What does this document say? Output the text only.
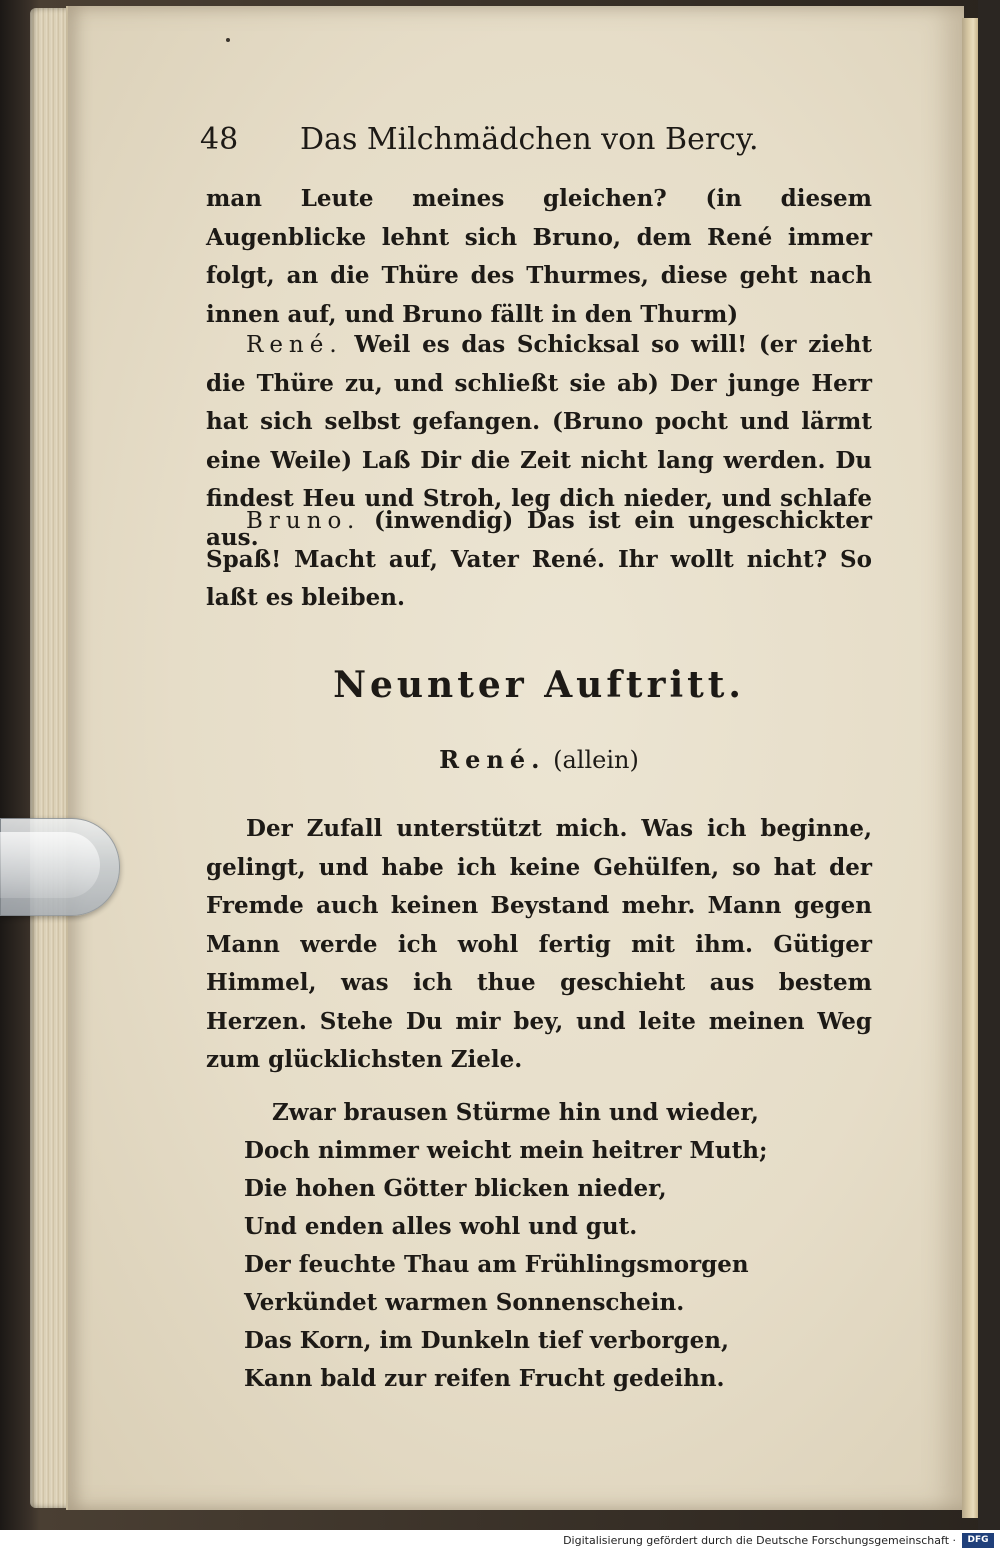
48 Das Milchmädchen von Bercy.

man Leute meines gleichen? (in diesem Augenblicke lehnt sich Bruno, dem René immer folgt, an die Thüre des Thurmes, diese geht nach innen auf, und Bruno fällt in den Thurm)

René. Weil es das Schicksal so will! (er zieht die Thüre zu, und schließt sie ab) Der junge Herr hat sich selbst gefangen. (Bruno pocht und lärmt eine Weile) Laß Dir die Zeit nicht lang werden. Du findest Heu und Stroh, leg dich nieder, und schlafe aus.

Bruno. (inwendig) Das ist ein ungeschickter Spaß! Macht auf, Vater René. Ihr wollt nicht? So laßt es bleiben.

Neunter Auftritt.
René. (allein)

Der Zufall unterstützt mich. Was ich beginne, gelingt, und habe ich keine Gehülfen, so hat der Fremde auch keinen Beystand mehr. Mann gegen Mann werde ich wohl fertig mit ihm. Gütiger Himmel, was ich thue geschieht aus bestem Herzen. Stehe Du mir bey, und leite meinen Weg zum glücklichsten Ziele.

Zwar brausen Stürme hin und wieder,
Doch nimmer weicht mein heitrer Muth;
Die hohen Götter blicken nieder,
Und enden alles wohl und gut.
Der feuchte Thau am Frühlingsmorgen
Verkündet warmen Sonnenschein.
Das Korn, im Dunkeln tief verborgen,
Kann bald zur reifen Frucht gedeihn.
Digitalisierung gefördert durch die Deutsche Forschungsgemeinschaft ·	DFG
